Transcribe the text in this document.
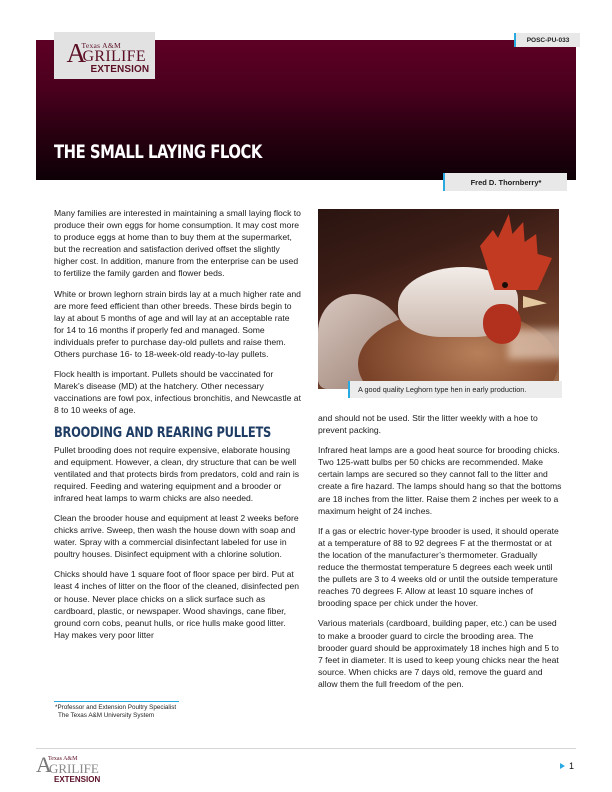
A
Texas A&M
GRILIFE
EXTENSION
POSC-PU-033
THE SMALL LAYING FLOCK
Fred D. Thornberry*

Many families are interested in maintaining a small laying flock to produce their own eggs for home consumption. It may cost more to produce eggs at home than to buy them at the supermarket, but the recreation and satisfaction derived offset the slightly higher cost. In addition, manure from the enterprise can be used to fertilize the family garden and flower beds.

White or brown leghorn strain birds lay at a much higher rate and are more feed efficient than other breeds. These birds begin to lay at about 5 months of age and will lay at an acceptable rate for 14 to 16 months if properly fed and managed. Some individuals prefer to purchase day-old pullets and raise them. Others purchase 16- to 18-week-old ready-to-lay pullets.

Flock health is important. Pullets should be vaccinated for Marek’s disease (MD) at the hatchery. Other necessary vaccinations are fowl pox, infectious bronchitis, and Newcastle at 8 to 10 weeks of age.

BROODING AND REARING PULLETS

Pullet brooding does not require expensive, elaborate housing and equipment. However, a clean, dry structure that can be well ventilated and that protects birds from predators, cold and rain is required. Feeding and watering equipment and a brooder or infrared heat lamps to warm chicks are also needed.

Clean the brooder house and equipment at least 2 weeks before chicks arrive. Sweep, then wash the house down with soap and water. Spray with a commercial disinfectant labeled for use in poultry houses. Disinfect equipment with a chlorine solution.

Chicks should have 1 square foot of floor space per bird. Put at least 4 inches of litter on the floor of the cleaned, disinfected pen or house. Never place chicks on a slick surface such as cardboard, plastic, or newspaper. Wood shavings, cane fiber, ground corn cobs, peanut hulls, or rice hulls make good litter. Hay makes very poor litter

A good quality Leghorn type hen in early production.

and should not be used. Stir the litter weekly with a hoe to prevent packing.

Infrared heat lamps are a good heat source for brooding chicks. Two 125-watt bulbs per 50 chicks are recommended. Make certain lamps are secured so they cannot fall to the litter and create a fire hazard. The lamps should hang so that the bottoms are 18 inches from the litter. Raise them 2 inches per week to a maximum height of 24 inches.

If a gas or electric hover-type brooder is used, it should operate at a temperature of 88 to 92 degrees F at the thermostat or at the location of the manufacturer’s thermometer. Gradually reduce the thermostat temperature 5 degrees each week until the pullets are 3 to 4 weeks old or until the outside temperature reaches 70 degrees F. Allow at least 10 square inches of brooding space per chick under the hover.

Various materials (cardboard, building paper, etc.) can be used to make a brooder guard to circle the brooding area. The brooder guard should be approximately 18 inches high and 5 to 7 feet in diameter. It is used to keep young chicks near the heat source. When chicks are 7 days old, remove the guard and allow them the full freedom of the pen.

*Professor and Extension Poultry Specialist
The Texas A&M University System
A
Texas A&M
GRILIFE
EXTENSION
1
